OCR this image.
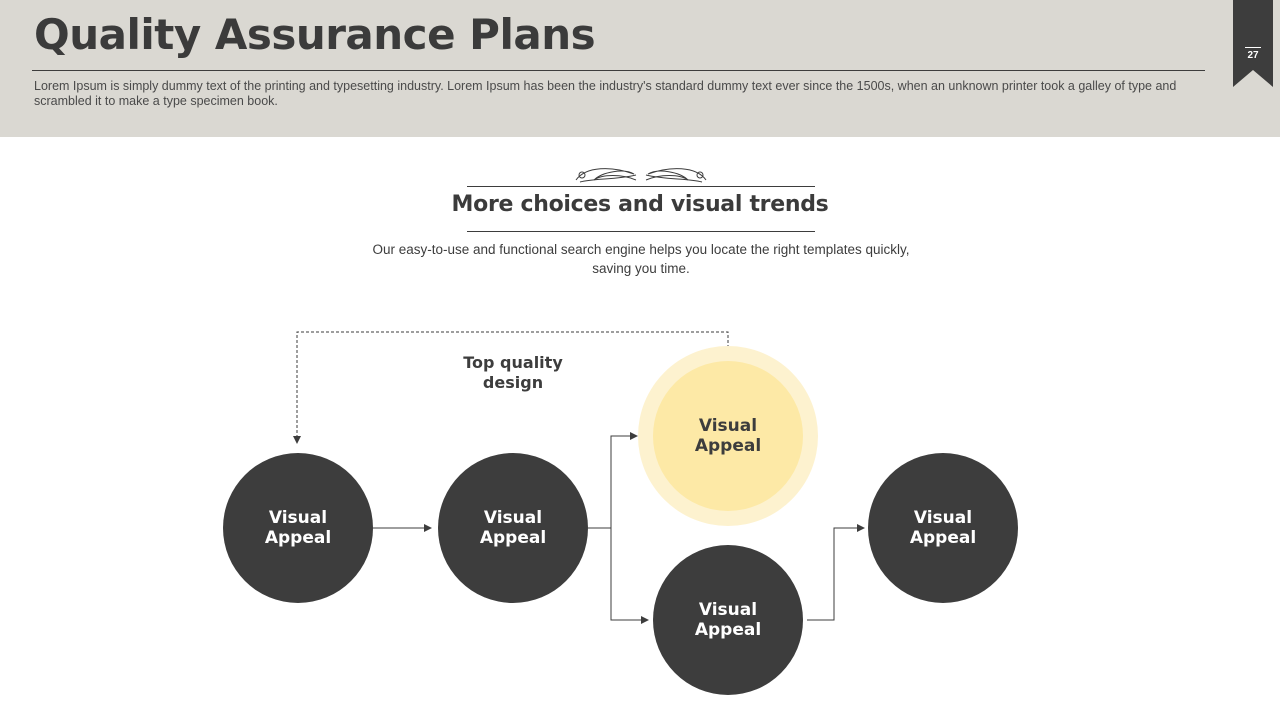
Quality Assurance Plans

Lorem Ipsum is simply dummy text of the printing and typesetting industry. Lorem Ipsum has been the industry's standard dummy text ever since the 1500s, when an unknown printer took a galley of type and scrambled it to make a type specimen book.

27
More choices and visual trends

Our easy-to-use and functional search engine helps you locate the right templates quickly, saving you time.

Top quality
design
Visual
Appeal
Visual
Appeal
Visual
Appeal
Visual
Appeal
Visual
Appeal
